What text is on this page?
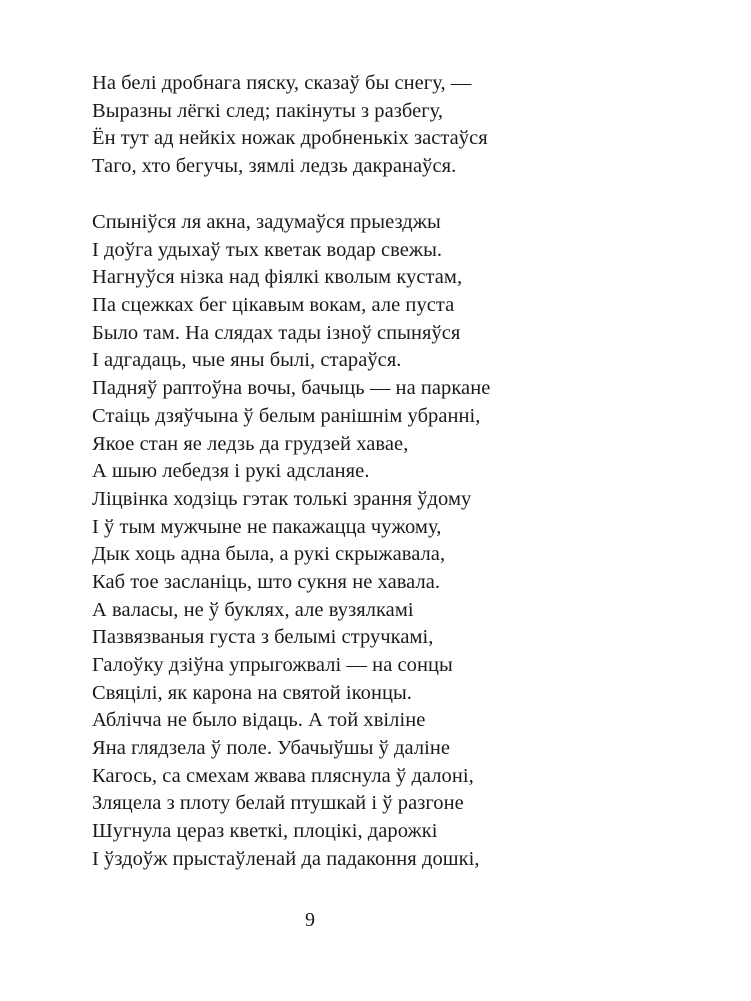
На белі дробнага пяску, сказаў бы снегу, —
Выразны лёгкі след; пакінуты з разбегу,
Ён тут ад нейкіх ножак дробненькіх застаўся
Таго, хто бегучы, зямлі ледзь дакранаўся.
Спыніўся ля акна, задумаўся прыезджы
І доўга удыхаў тых кветак водар свежы.
Нагнуўся нізка над фіялкі кволым кустам,
Па сцежках бег цікавым вокам, але пуста
Было там. На слядах тады ізноў спыняўся
І адгадаць, чые яны былі, стараўся.
Падняў раптоўна вочы, бачыць — на паркане
Стаіць дзяўчына ў белым ранішнім убранні,
Якое стан яе ледзь да грудзей хавае,
А шыю лебедзя і рукі адсланяе.
Ліцвінка ходзіць гэтак толькі зрання ўдому
І ў тым мужчыне не пакажацца чужому,
Дык хоць адна была, а рукі скрыжавала,
Каб тое засланіць, што сукня не хавала.
А валасы, не ў буклях, але вузялкамі
Пазвязваныя густа з белымі стручкамі,
Галоўку дзіўна упрыгожвалі — на сонцы
Свяцілі, як карона на святой іконцы.
Аблічча не было відаць. А той хвіліне
Яна глядзела ў поле. Убачыўшы ў даліне
Кагось, са смехам жвава пляснула ў далоні,
Зляцела з плоту белай птушкай і ў разгоне
Шугнула цераз кветкі, плоцікі, дарожкі
І ўздоўж прыстаўленай да падаконня дошкі,
9
